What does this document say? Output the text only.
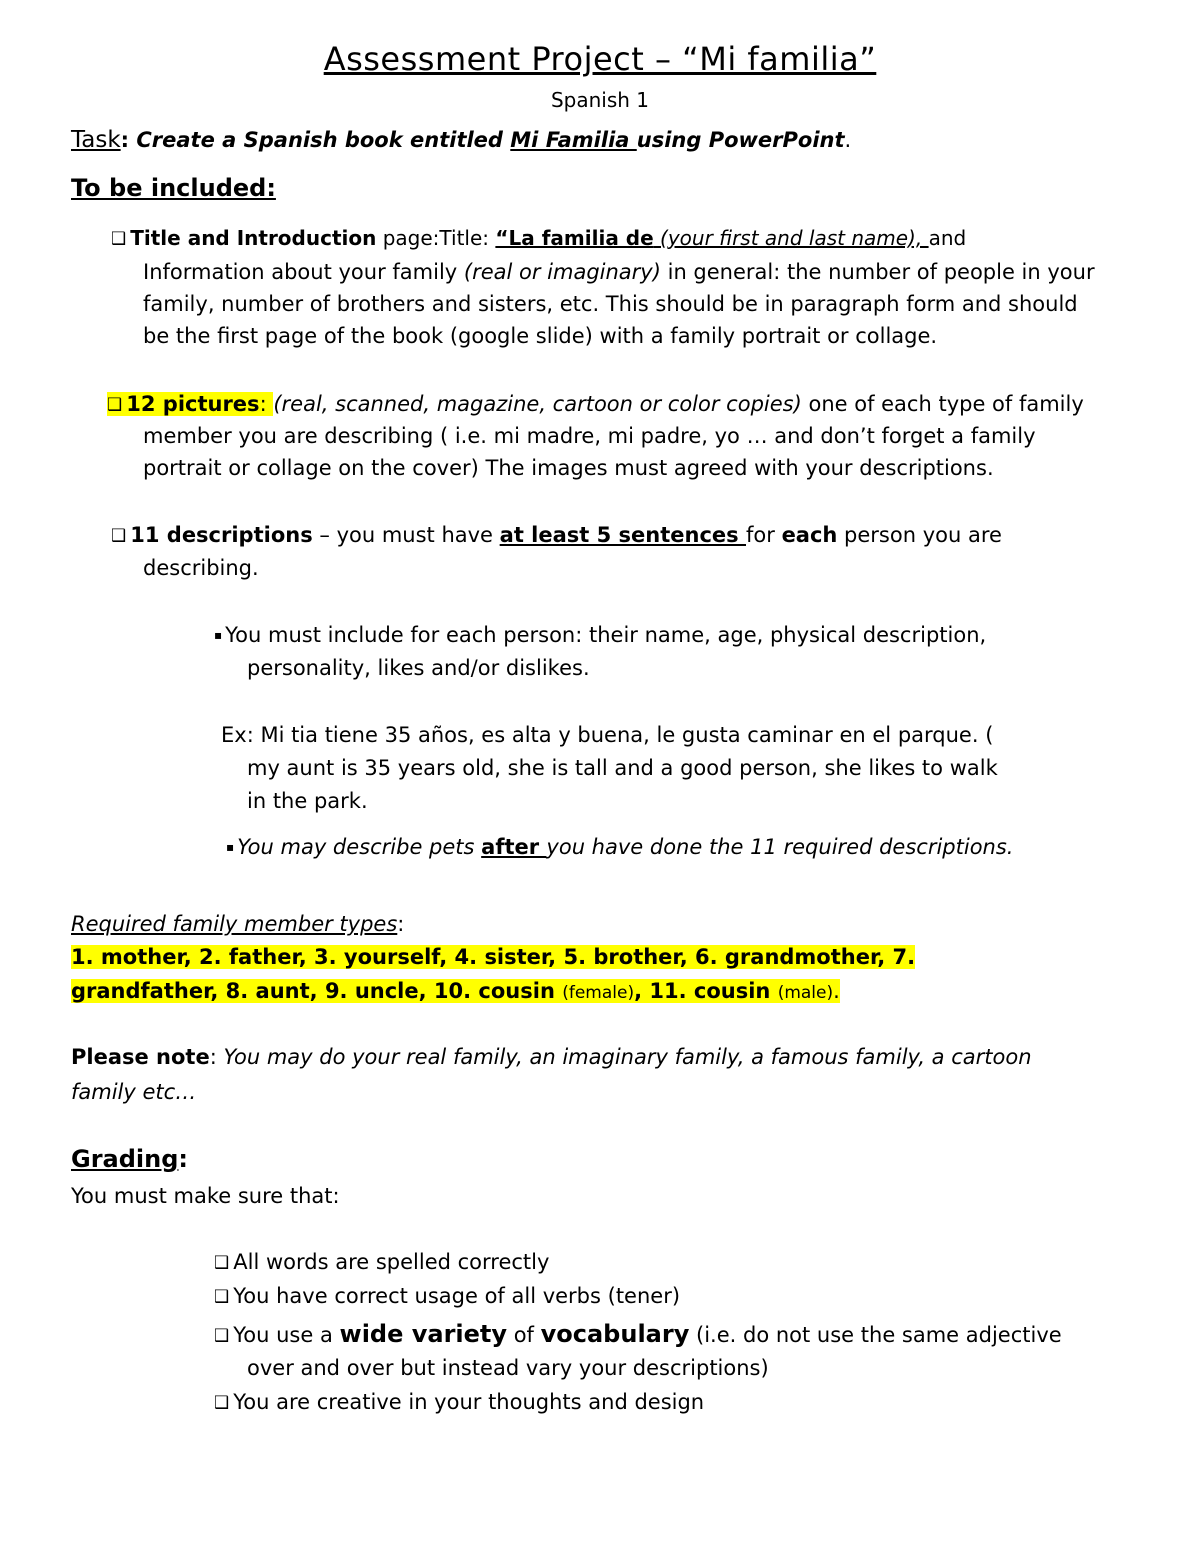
Assessment Project – “Mi familia”
Spanish 1
Task: Create a Spanish book entitled Mi Familia using PowerPoint.
To be included:
❑ Title and Introduction page:Title: “La familia de (your first and last name), and
Information about your family (real or imaginary) in general: the number of people in your
family, number of brothers and sisters, etc. This should be in paragraph form and should
be the first page of the book (google slide) with a family portrait or collage.
❑ 12 pictures: (real, scanned, magazine, cartoon or color copies) one of each type of family
member you are describing ( i.e. mi madre, mi padre, yo … and don’t forget a family
portrait or collage on the cover) The images must agreed with your descriptions.
❑ 11 descriptions – you must have at least 5 sentences for each person you are
describing.
▪ You must include for each person: their name, age, physical description,
personality, likes and/or dislikes.
Ex: Mi tia tiene 35 años, es alta y buena, le gusta caminar en el parque. (
my aunt is 35 years old, she is tall and a good person, she likes to walk
in the park.
▪ You may describe pets after you have done the 11 required descriptions.
Required family member types:
1. mother, 2. father, 3. yourself, 4. sister, 5. brother, 6. grandmother, 7.
grandfather, 8. aunt, 9. uncle, 10. cousin (female), 11. cousin (male).
Please note: You may do your real family, an imaginary family, a famous family, a cartoon
family etc…
Grading:
You must make sure that:
❑ All words are spelled correctly
❑ You have correct usage of all verbs (tener)
❑ You use a wide variety of vocabulary (i.e. do not use the same adjective
over and over but instead vary your descriptions)
❑ You are creative in your thoughts and design
